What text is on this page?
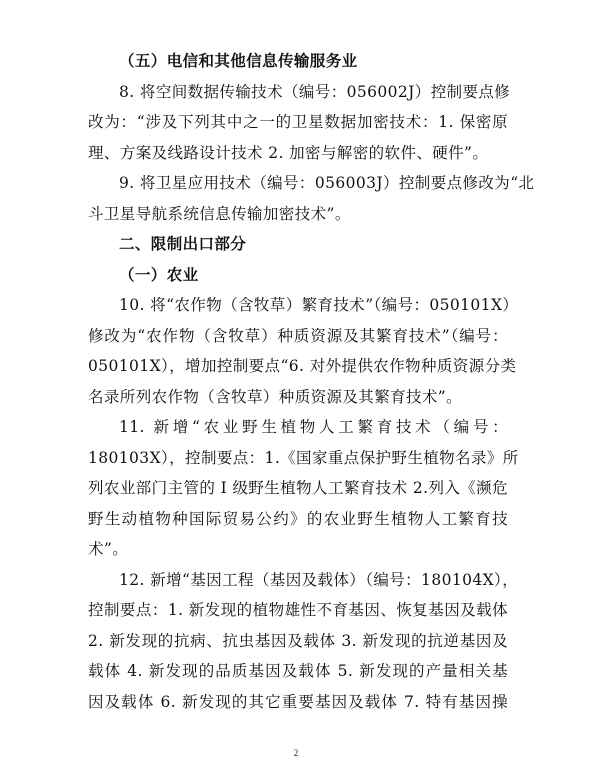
（五）电信和其他信息传输服务业
8. 将空间数据传输技术（编号：056002J）控制要点修
改为：“涉及下列其中之一的卫星数据加密技术：1. 保密原
理、方案及线路设计技术 2. 加密与解密的软件、硬件”。
9. 将卫星应用技术（编号：056003J）控制要点修改为“北
斗卫星导航系统信息传输加密技术”。
二、限制出口部分
（一）农业
10. 将“农作物（含牧草）繁育技术”（编号：050101X）
修改为“农作物（含牧草）种质资源及其繁育技术”（编号：
050101X），增加控制要点“6. 对外提供农作物种质资源分类
名录所列农作物（含牧草）种质资源及其繁育技术”。
11. 新增“农业野生植物人工繁育技术（编号：
180103X），控制要点：1.《国家重点保护野生植物名录》所
列农业部门主管的 I 级野生植物人工繁育技术 2.列入《濒危
野生动植物种国际贸易公约》的农业野生植物人工繁育技
术”。
12. 新增“基因工程（基因及载体）（编号：180104X），
控制要点：1. 新发现的植物雄性不育基因、恢复基因及载体
2. 新发现的抗病、抗虫基因及载体 3. 新发现的抗逆基因及
载体 4. 新发现的品质基因及载体 5. 新发现的产量相关基
因及载体 6. 新发现的其它重要基因及载体 7. 特有基因操
2
